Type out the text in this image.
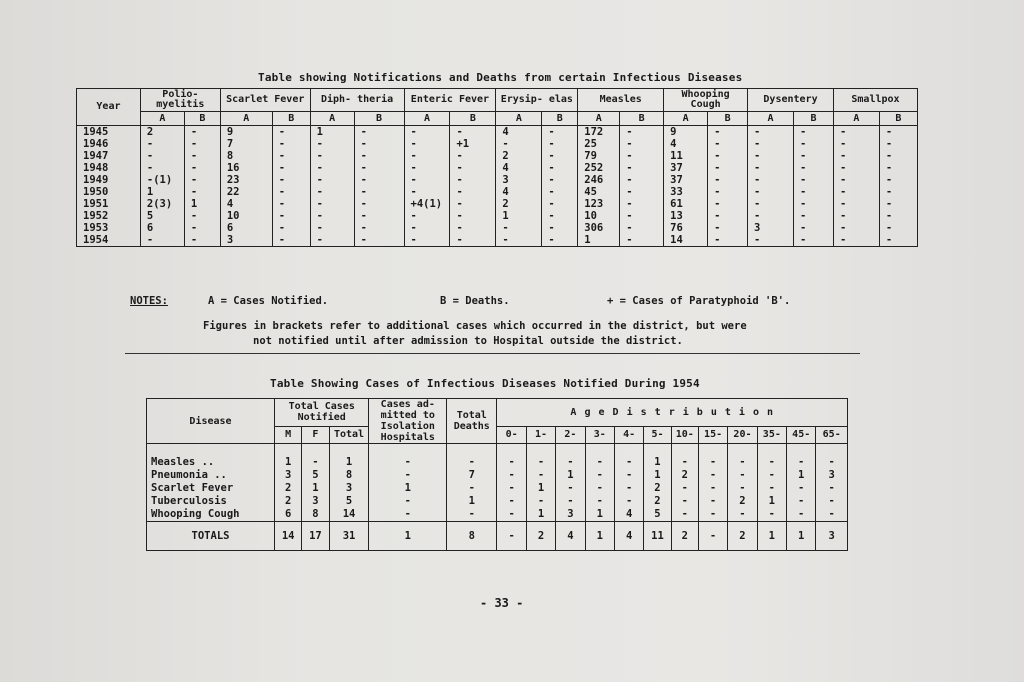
Table showing Notifications and Deaths from certain Infectious Diseases
Year	Polio- myelitis		Scarlet Fever		Diph- theria		Enteric Fever		Erysip- elas		Measles		Whooping Cough		Dysentery		Smallpox	
	A	B	A	B	A	B	A	B	A	B	A	B	A	B	A	B	A	B
1945	2	-	9	-	1	-	-	-	4	-	172	-	9	-	-	-	-	-
1946	-	-	7	-	-	-	-	+1	-	-	25	-	4	-	-	-	-	-
1947	-	-	8	-	-	-	-	-	2	-	79	-	11	-	-	-	-	-
1948	-	-	16	-	-	-	-	-	4	-	252	-	37	-	-	-	-	-
1949	-(1)	-	23	-	-	-	-	-	3	-	246	-	37	-	-	-	-	-
1950	1	-	22	-	-	-	-	-	4	-	45	-	33	-	-	-	-	-
1951	2(3)	1	4	-	-	-	+4(1)	-	2	-	123	-	61	-	-	-	-	-
1952	5	-	10	-	-	-	-	-	1	-	10	-	13	-	-	-	-	-
1953	6	-	6	-	-	-	-	-	-	-	306	-	76	-	3	-	-	-
1954	-	-	3	-	-	-	-	-	-	-	1	-	14	-	-	-	-	-
NOTES:	A = Cases Notified.	B = Deaths.	+ = Cases of Paratyphoid 'B'.
Figures in brackets refer to additional cases which occurred in the district, but were
not notified until after admission to Hospital outside the district.
Table Showing Cases of Infectious Diseases Notified During 1954
Disease	Total Cases Notified			Cases ad- mitted to Isolation Hospitals	Total Deaths	A g e D i s t r i b u t i o n											
	M	F	Total			0-	1-	2-	3-	4-	5-	10-	15-	20-	35-	45-	65-

Measles ..	1	-	1	-	-	-	-	-	-	-	1	-	-	-	-	-	-
Pneumonia ..	3	5	8	-	7	-	-	1	-	-	1	2	-	-	-	1	3
Scarlet Fever	2	1	3	1	-	-	1	-	-	-	2	-	-	-	-	-	-
Tuberculosis	2	3	5	-	1	-	-	-	-	-	2	-	-	2	1	-	-
Whooping Cough	6	8	14	-	-	-	1	3	1	4	5	-	-	-	-	-	-
TOTALS	14	17	31	1	8	-	2	4	1	4	11	2	-	2	1	1	3
- 33 -
